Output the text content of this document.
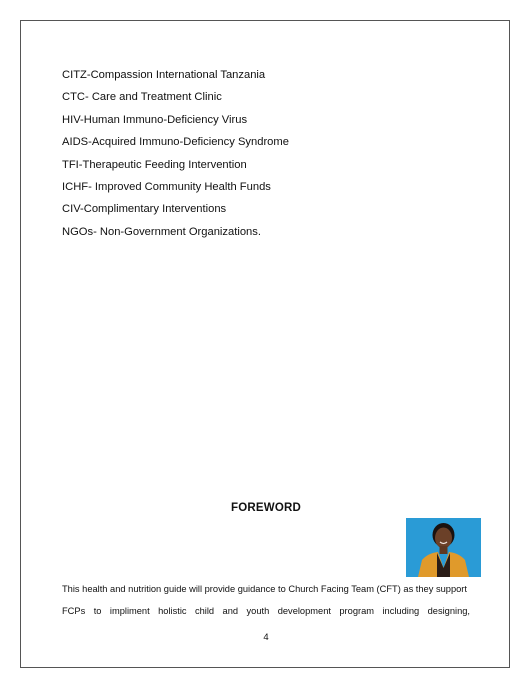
CITZ-Compassion International Tanzania
CTC- Care and Treatment Clinic
HIV-Human Immuno-Deficiency Virus
AIDS-Acquired Immuno-Deficiency Syndrome
TFI-Therapeutic Feeding Intervention
ICHF- Improved Community Health Funds
CIV-Complimentary Interventions
NGOs- Non-Government Organizations.
FOREWORD

This health and nutrition guide will provide guidance to Church Facing Team (CFT) as they support
FCPs to impliment holistic child and youth development program including designing,

4
